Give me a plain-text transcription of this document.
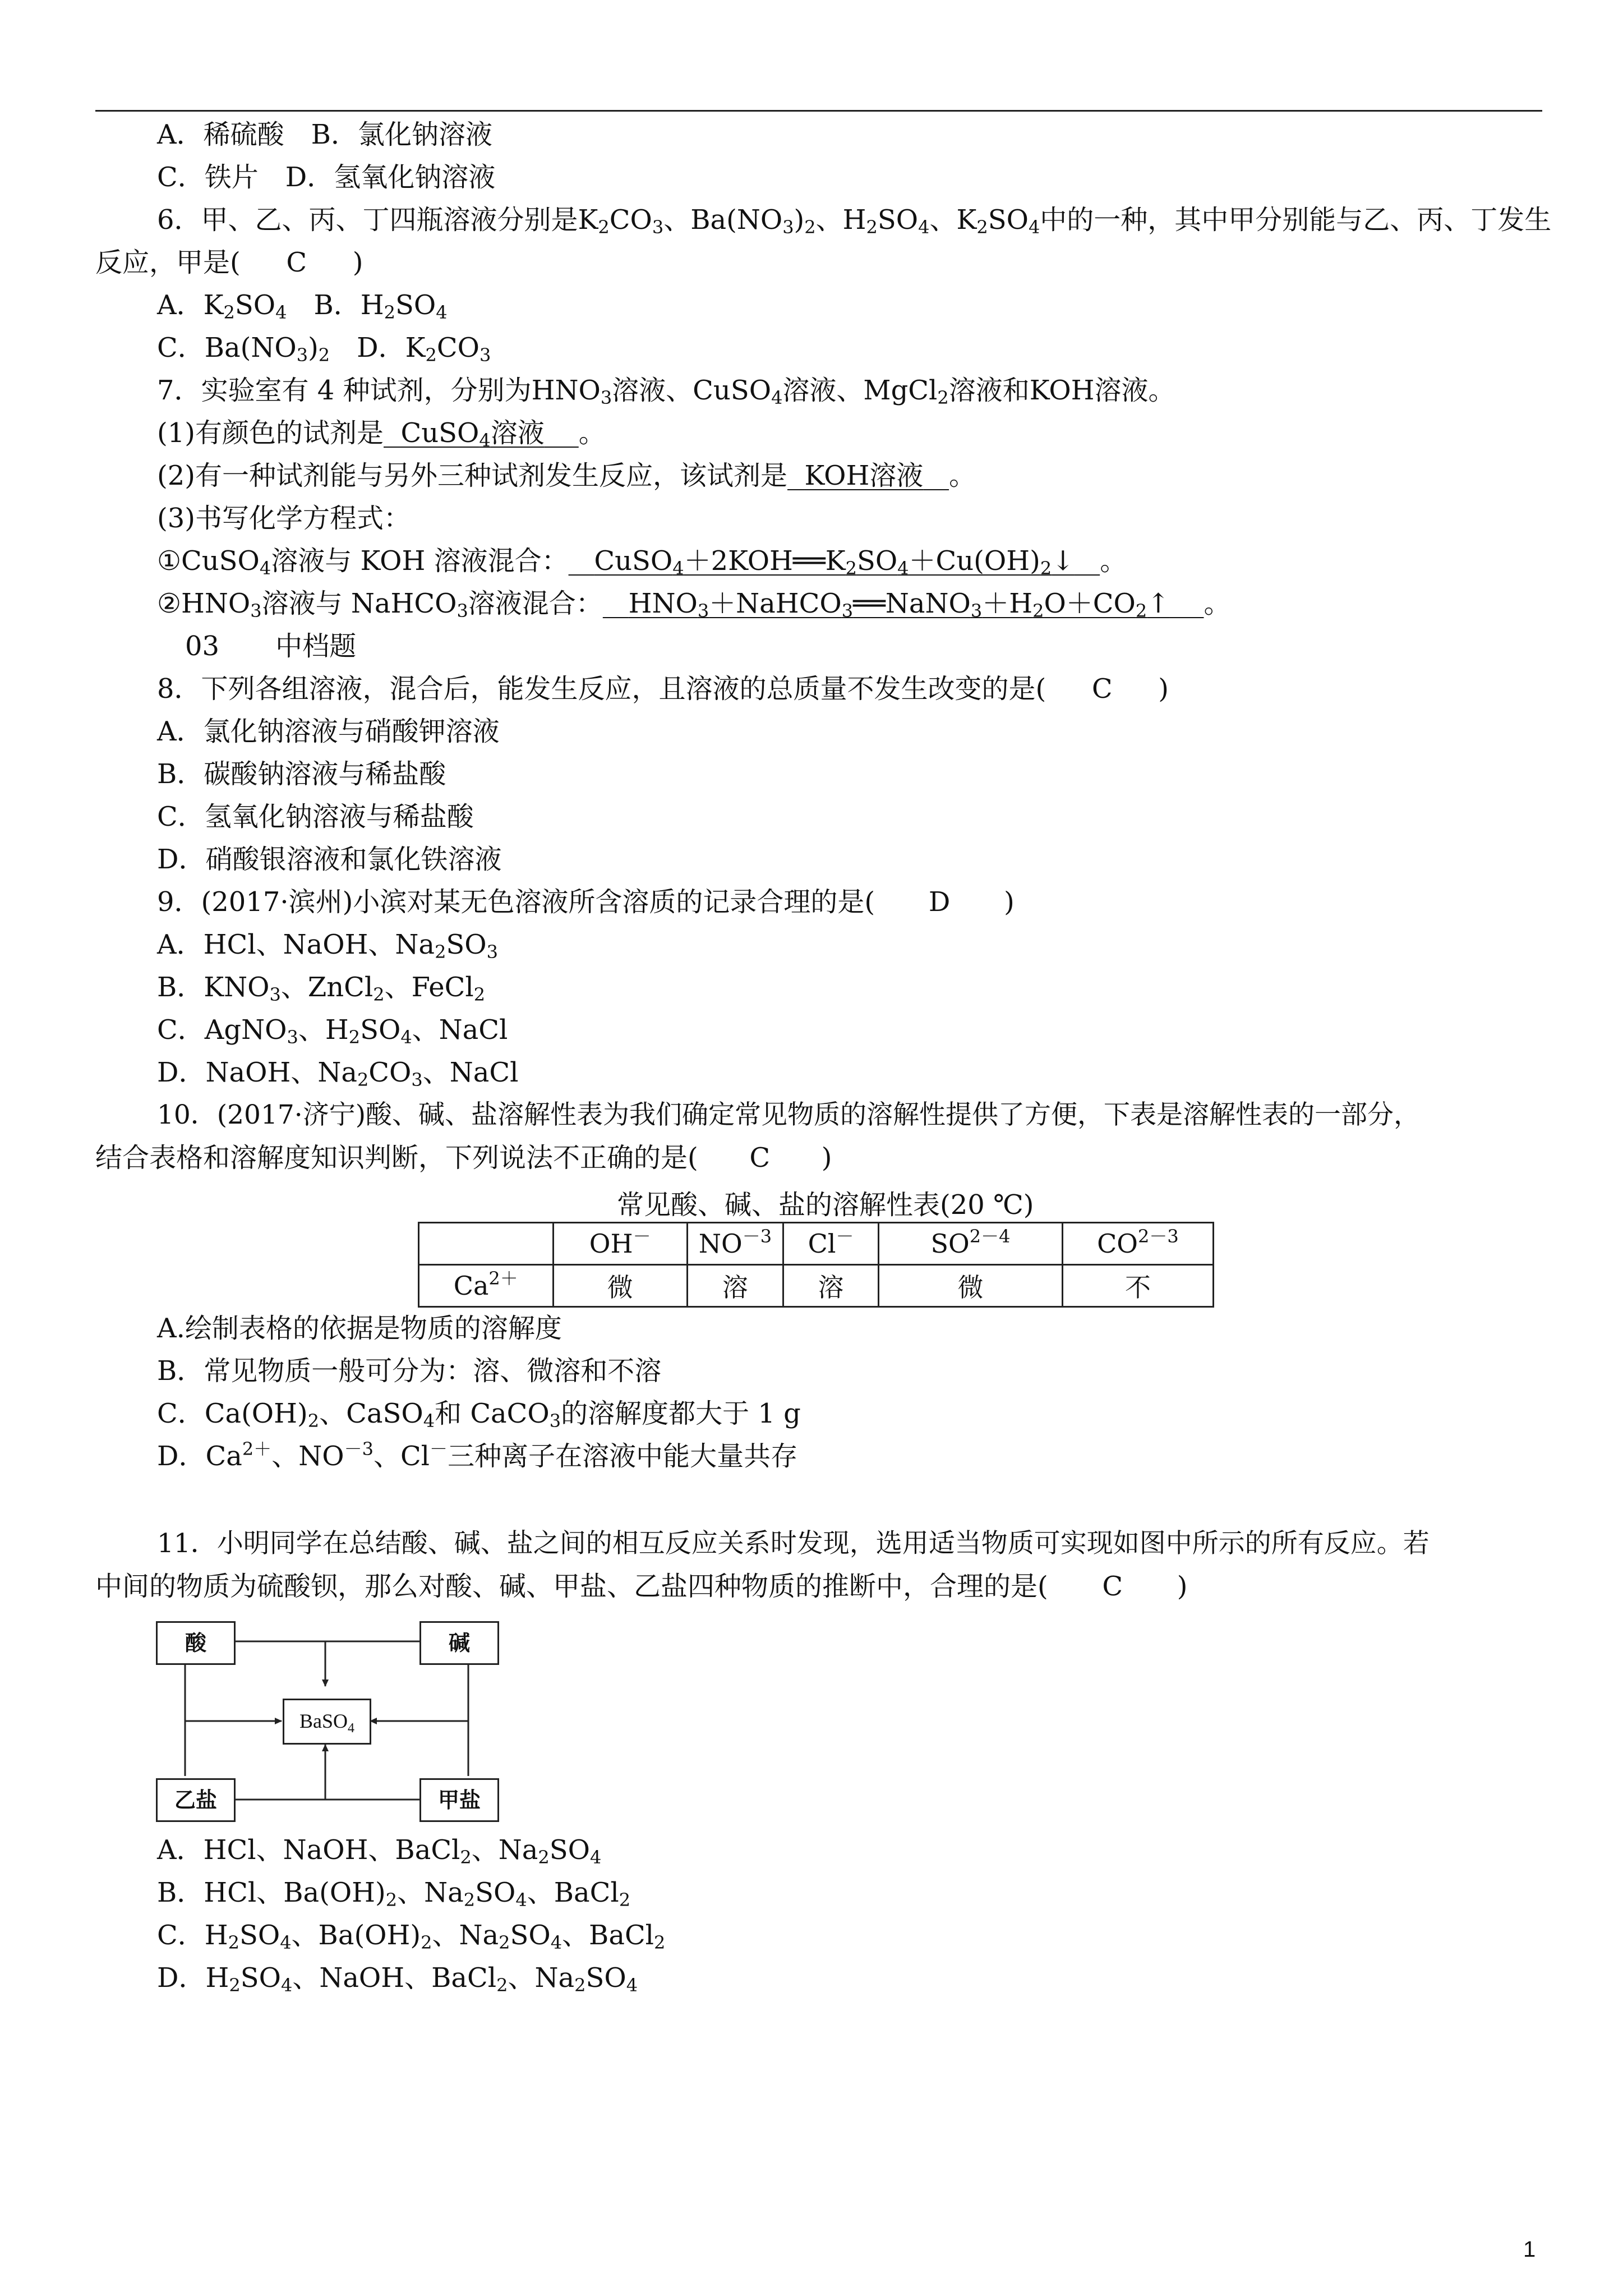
A．稀硫酸　B．氯化钠溶液
C．铁片　D．氢氧化钠溶液
6．甲、乙、丙、丁四瓶溶液分别是$K_2CO_3$、$Ba(NO_3)_2$、$H_2SO_4$、$K_2SO_4$中的一种，其中甲分别能与乙、丙、丁发生
反应，甲是( C )
A．$K_2SO_4$　B．$H_2SO_4$
C．$Ba(NO_3)_2$　D．$K_2CO_3$
7．实验室有 4 种试剂，分别为$HNO_3$溶液、CuSO$_4$溶液、MgCl$_2$溶液和KOH溶液。
(1)有颜色的试剂是 CuSO$_4$溶液 。
(2)有一种试剂能与另外三种试剂发生反应，该试剂是 KOH溶液 。
(3)书写化学方程式：
①CuSO$_4$溶液与 KOH 溶液混合： $CuSO_4+2KOH══K_2SO_4+Cu(OH)_2↓$ 。
$②HNO_3$溶液与 NaHCO$_3$溶液混合： $HNO_3+NaHCO_3══NaNO_3+H_2O+CO_2↑$ 。
03 中档题
8．下列各组溶液，混合后，能发生反应，且溶液的总质量不发生改变的是( C )
A．氯化钠溶液与硝酸钾溶液
B．碳酸钠溶液与稀盐酸
C．氢氧化钠溶液与稀盐酸
D．硝酸银溶液和氯化铁溶液
9．(2017·滨州)小滨对某无色溶液所含溶质的记录合理的是( D )
A．HCl、NaOH、$Na_2SO_3$
B．$KNO_3$、ZnCl$_2$、FeCl$_2$
C．AgNO$_3$、$H_2SO_4$、NaCl
D．NaOH、$Na_2CO_3$、NaCl
10．(2017·济宁)酸、碱、盐溶解性表为我们确定常见物质的溶解性提供了方便，下表是溶解性表的一部分，
结合表格和溶解度知识判断，下列说法不正确的是( C )
常见酸、碱、盐的溶解性表(20 ℃)
	OH－	$NO^{-3}$	Cl－	$SO^{2-4}$	$CO^{2-3}$
$Ca^{2+}$	微	溶	溶	微	不
A.绘制表格的依据是物质的溶解度
B．常见物质一般可分为：溶、微溶和不溶
C．$Ca(OH)_2$、CaSO$_4$和 CaCO$_3$的溶解度都大于 1 g
D．$Ca^{2+}$、$NO^{-3}$、Cl－三种离子在溶液中能大量共存
11．小明同学在总结酸、碱、盐之间的相互反应关系时发现，选用适当物质可实现如图中所示的所有反应。若
中间的物质为硫酸钡，那么对酸、碱、甲盐、乙盐四种物质的推断中，合理的是( C )
酸	碱
BaSO$_4$
乙盐	甲盐
A．HCl、NaOH、BaCl$_2$、$Na_2SO_4$
B．HCl、$Ba(OH)_2$、$Na_2SO_4$、BaCl$_2$
C．$H_2SO_4$、$Ba(OH)_2$、$Na_2SO_4$、BaCl$_2$
D．$H_2SO_4$、NaOH、BaCl$_2$、$Na_2SO_4$
1
